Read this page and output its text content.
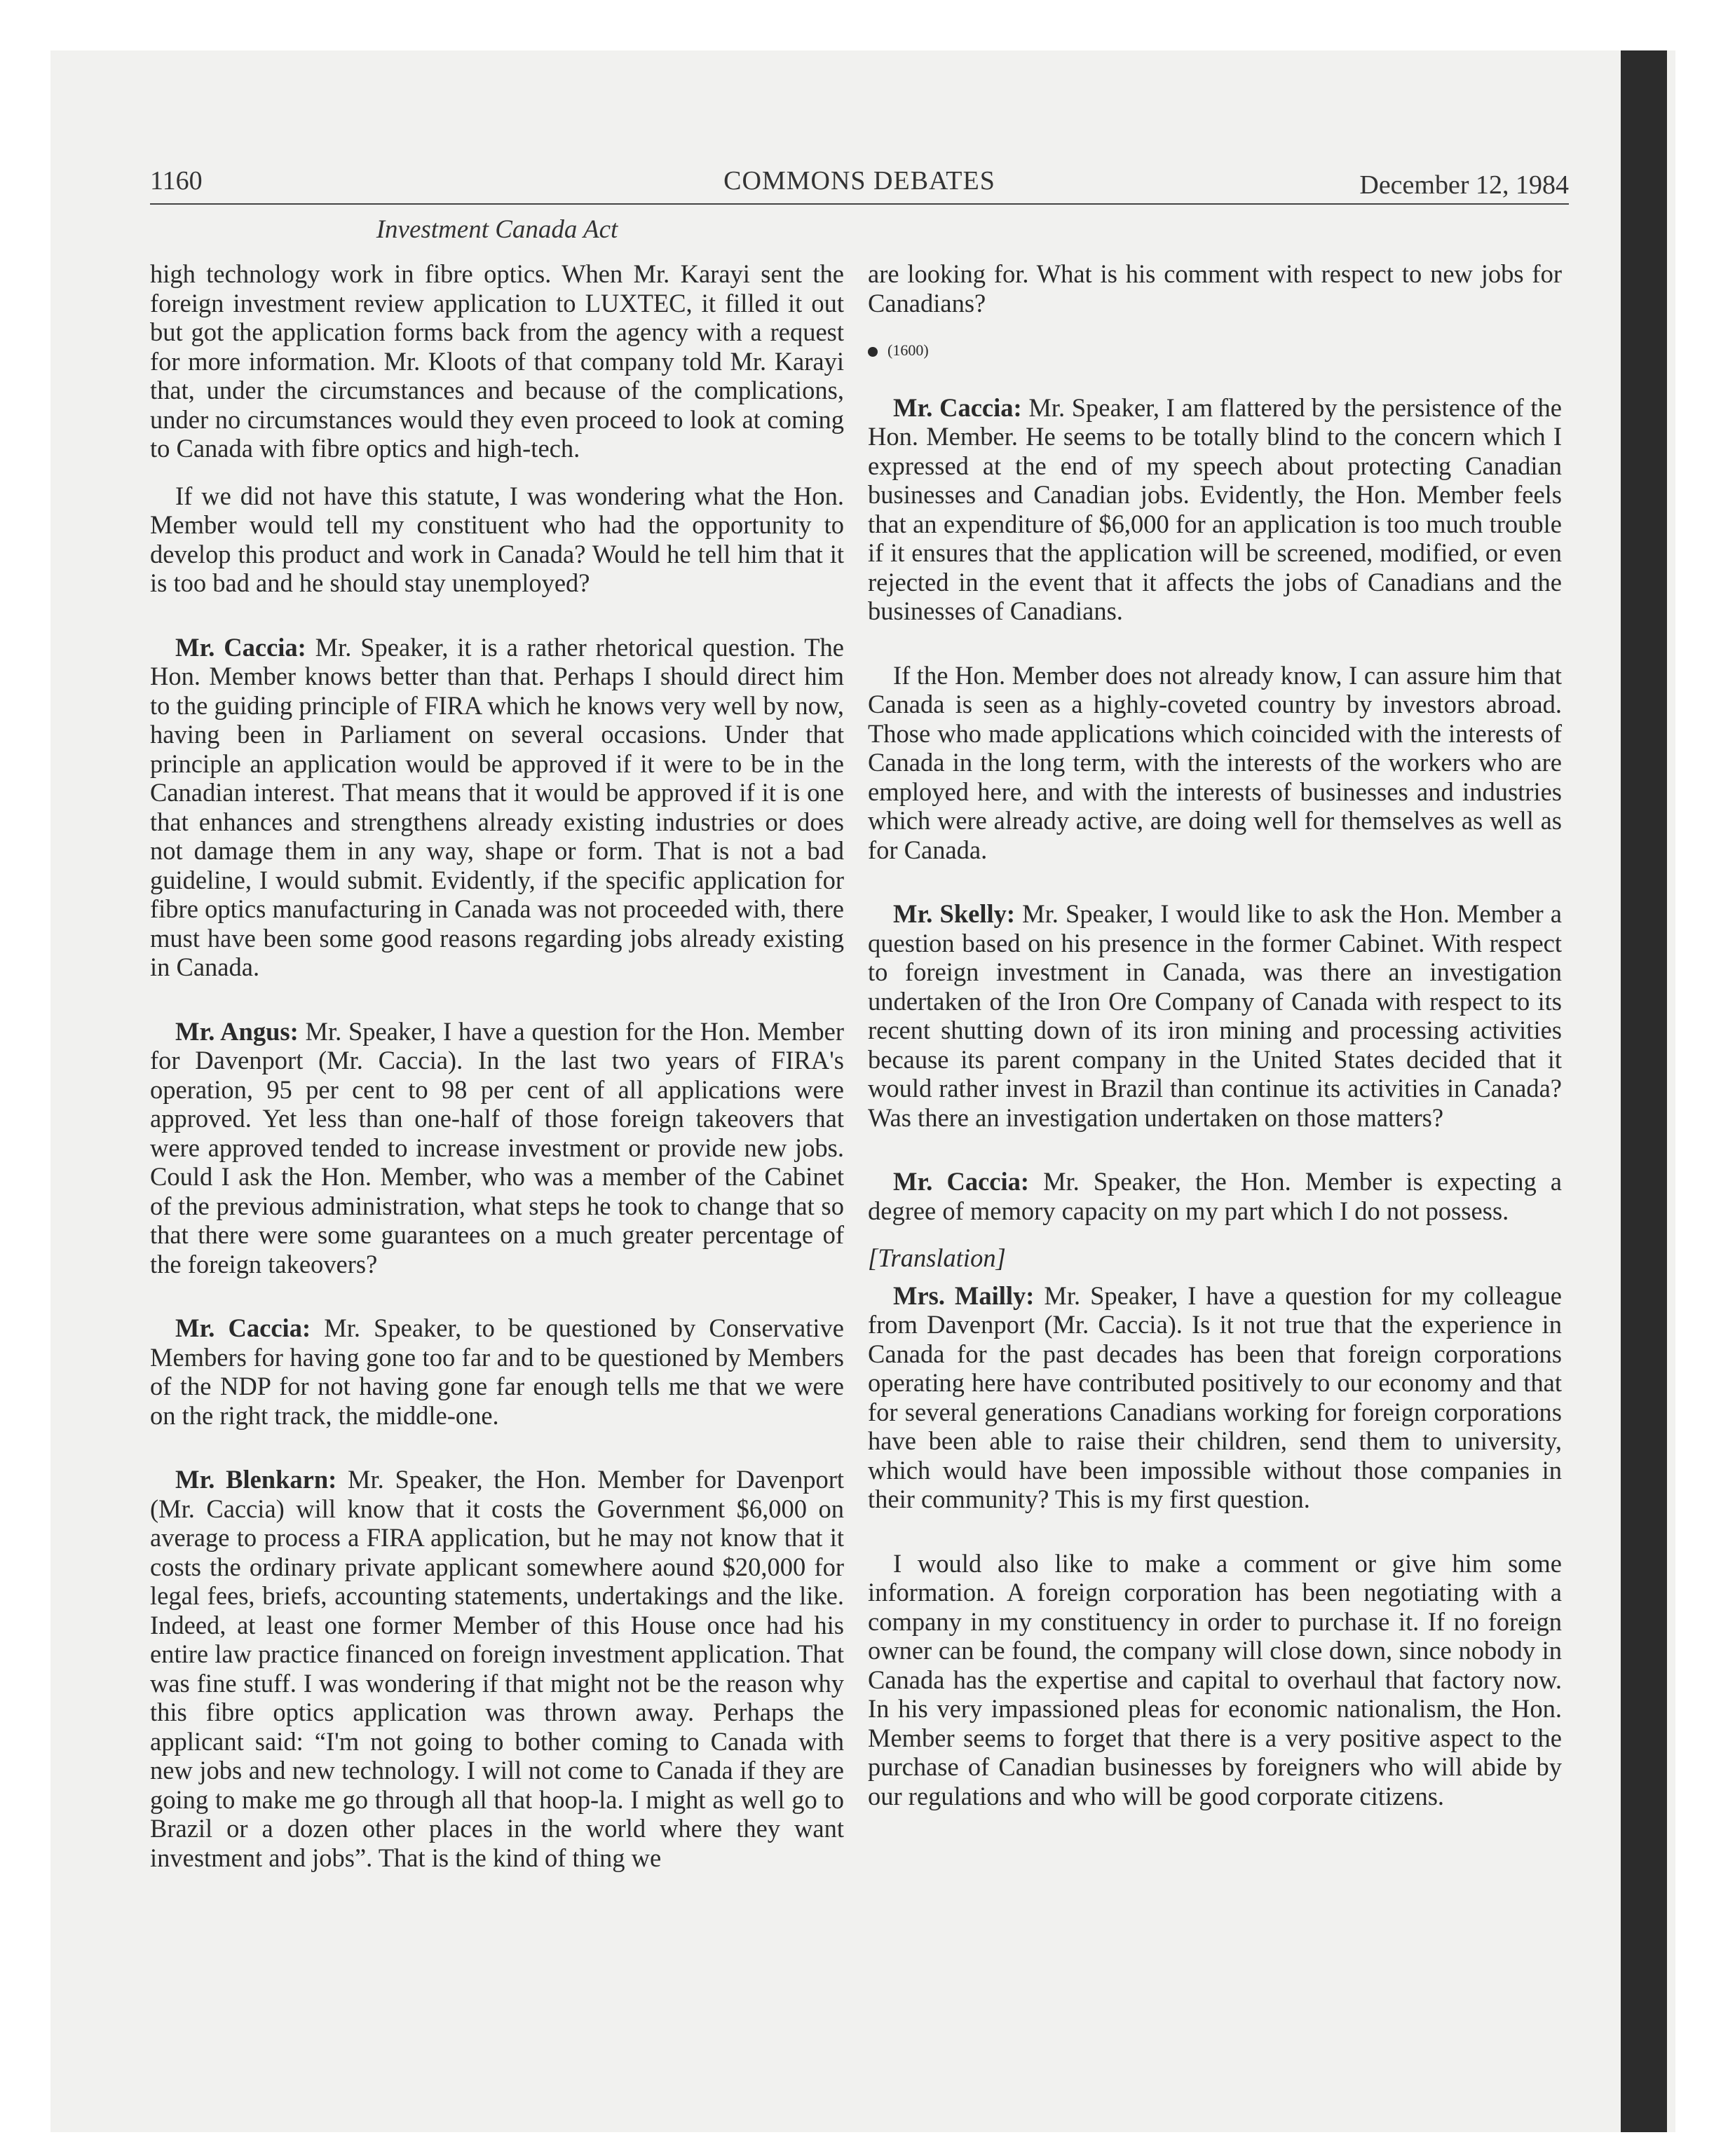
1160	COMMONS DEBATES	December 12, 1984
Investment Canada Act

high technology work in fibre optics. When Mr. Karayi sent the foreign investment review application to LUXTEC, it filled it out but got the application forms back from the agency with a request for more information. Mr. Kloots of that company told Mr. Karayi that, under the circumstances and because of the complications, under no circumstances would they even proceed to look at coming to Canada with fibre optics and high-tech.

If we did not have this statute, I was wondering what the Hon. Member would tell my constituent who had the opportunity to develop this product and work in Canada? Would he tell him that it is too bad and he should stay unemployed?

Mr. Caccia: Mr. Speaker, it is a rather rhetorical question. The Hon. Member knows better than that. Perhaps I should direct him to the guiding principle of FIRA which he knows very well by now, having been in Parliament on several occasions. Under that principle an application would be approved if it were to be in the Canadian interest. That means that it would be approved if it is one that enhances and strengthens already existing industries or does not damage them in any way, shape or form. That is not a bad guideline, I would submit. Evidently, if the specific application for fibre optics manufacturing in Canada was not proceeded with, there must have been some good reasons regarding jobs already existing in Canada.

Mr. Angus: Mr. Speaker, I have a question for the Hon. Member for Davenport (Mr. Caccia). In the last two years of FIRA's operation, 95 per cent to 98 per cent of all applications were approved. Yet less than one-half of those foreign takeovers that were approved tended to increase investment or provide new jobs. Could I ask the Hon. Member, who was a member of the Cabinet of the previous administration, what steps he took to change that so that there were some guarantees on a much greater percentage of the foreign takeovers?

Mr. Caccia: Mr. Speaker, to be questioned by Conservative Members for having gone too far and to be questioned by Members of the NDP for not having gone far enough tells me that we were on the right track, the middle-one.

Mr. Blenkarn: Mr. Speaker, the Hon. Member for Davenport (Mr. Caccia) will know that it costs the Government $6,000 on average to process a FIRA application, but he may not know that it costs the ordinary private applicant somewhere aound $20,000 for legal fees, briefs, accounting statements, undertakings and the like. Indeed, at least one former Member of this House once had his entire law practice financed on foreign investment application. That was fine stuff. I was wondering if that might not be the reason why this fibre optics application was thrown away. Perhaps the applicant said: “I'm not going to bother coming to Canada with new jobs and new technology. I will not come to Canada if they are going to make me go through all that hoop-la. I might as well go to Brazil or a dozen other places in the world where they want investment and jobs”. That is the kind of thing we

are looking for. What is his comment with respect to new jobs for Canadians?

(1600)

Mr. Caccia: Mr. Speaker, I am flattered by the persistence of the Hon. Member. He seems to be totally blind to the concern which I expressed at the end of my speech about protecting Canadian businesses and Canadian jobs. Evidently, the Hon. Member feels that an expenditure of $6,000 for an application is too much trouble if it ensures that the application will be screened, modified, or even rejected in the event that it affects the jobs of Canadians and the businesses of Canadians.

If the Hon. Member does not already know, I can assure him that Canada is seen as a highly-coveted country by investors abroad. Those who made applications which coincided with the interests of Canada in the long term, with the interests of the workers who are employed here, and with the interests of businesses and industries which were already active, are doing well for themselves as well as for Canada.

Mr. Skelly: Mr. Speaker, I would like to ask the Hon. Member a question based on his presence in the former Cabinet. With respect to foreign investment in Canada, was there an investigation undertaken of the Iron Ore Company of Canada with respect to its recent shutting down of its iron mining and processing activities because its parent company in the United States decided that it would rather invest in Brazil than continue its activities in Canada? Was there an investigation undertaken on those matters?

Mr. Caccia: Mr. Speaker, the Hon. Member is expecting a degree of memory capacity on my part which I do not possess.

[Translation]

Mrs. Mailly: Mr. Speaker, I have a question for my colleague from Davenport (Mr. Caccia). Is it not true that the experience in Canada for the past decades has been that foreign corporations operating here have contributed positively to our economy and that for several generations Canadians working for foreign corporations have been able to raise their children, send them to university, which would have been impossible without those companies in their community? This is my first question.

I would also like to make a comment or give him some information. A foreign corporation has been negotiating with a company in my constituency in order to purchase it. If no foreign owner can be found, the company will close down, since nobody in Canada has the expertise and capital to overhaul that factory now. In his very impassioned pleas for economic nationalism, the Hon. Member seems to forget that there is a very positive aspect to the purchase of Canadian businesses by foreigners who will abide by our regulations and who will be good corporate citizens.
